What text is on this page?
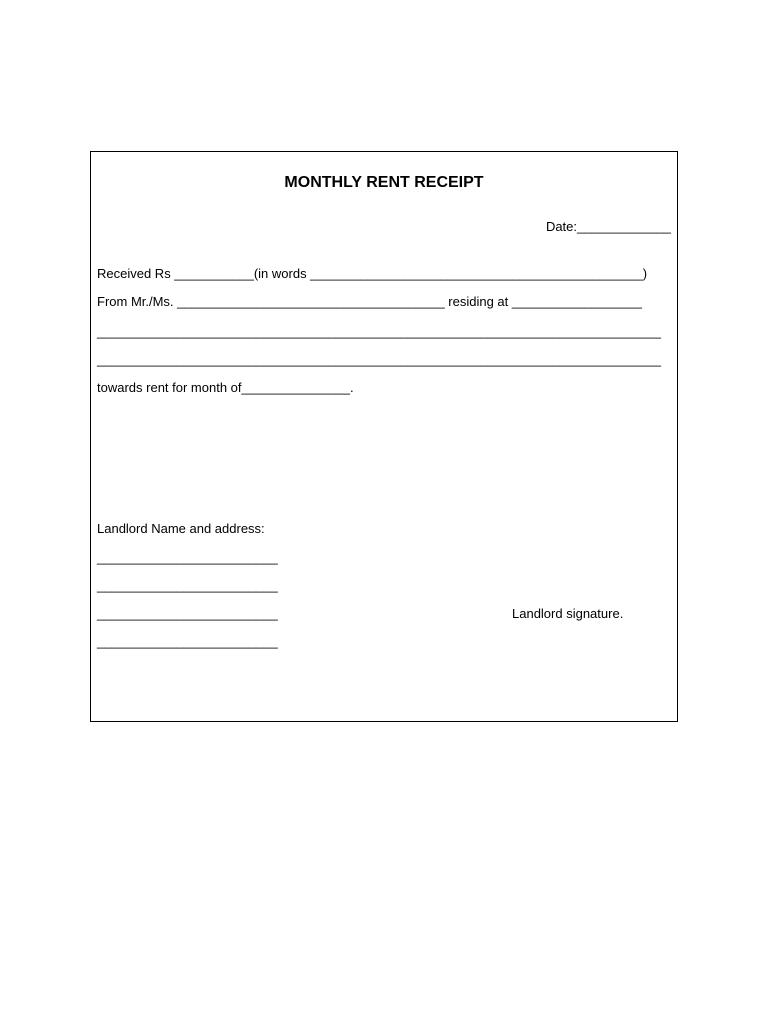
MONTHLY RENT RECEIPT
Date:_____________
Received Rs ___________(in words ______________________________________________)
From Mr./Ms. _____________________________________ residing at __________________
______________________________________________________________________________
______________________________________________________________________________
towards rent for month of_______________.
Landlord Name and address:
_________________________
_________________________
_________________________
_________________________
Landlord signature.
